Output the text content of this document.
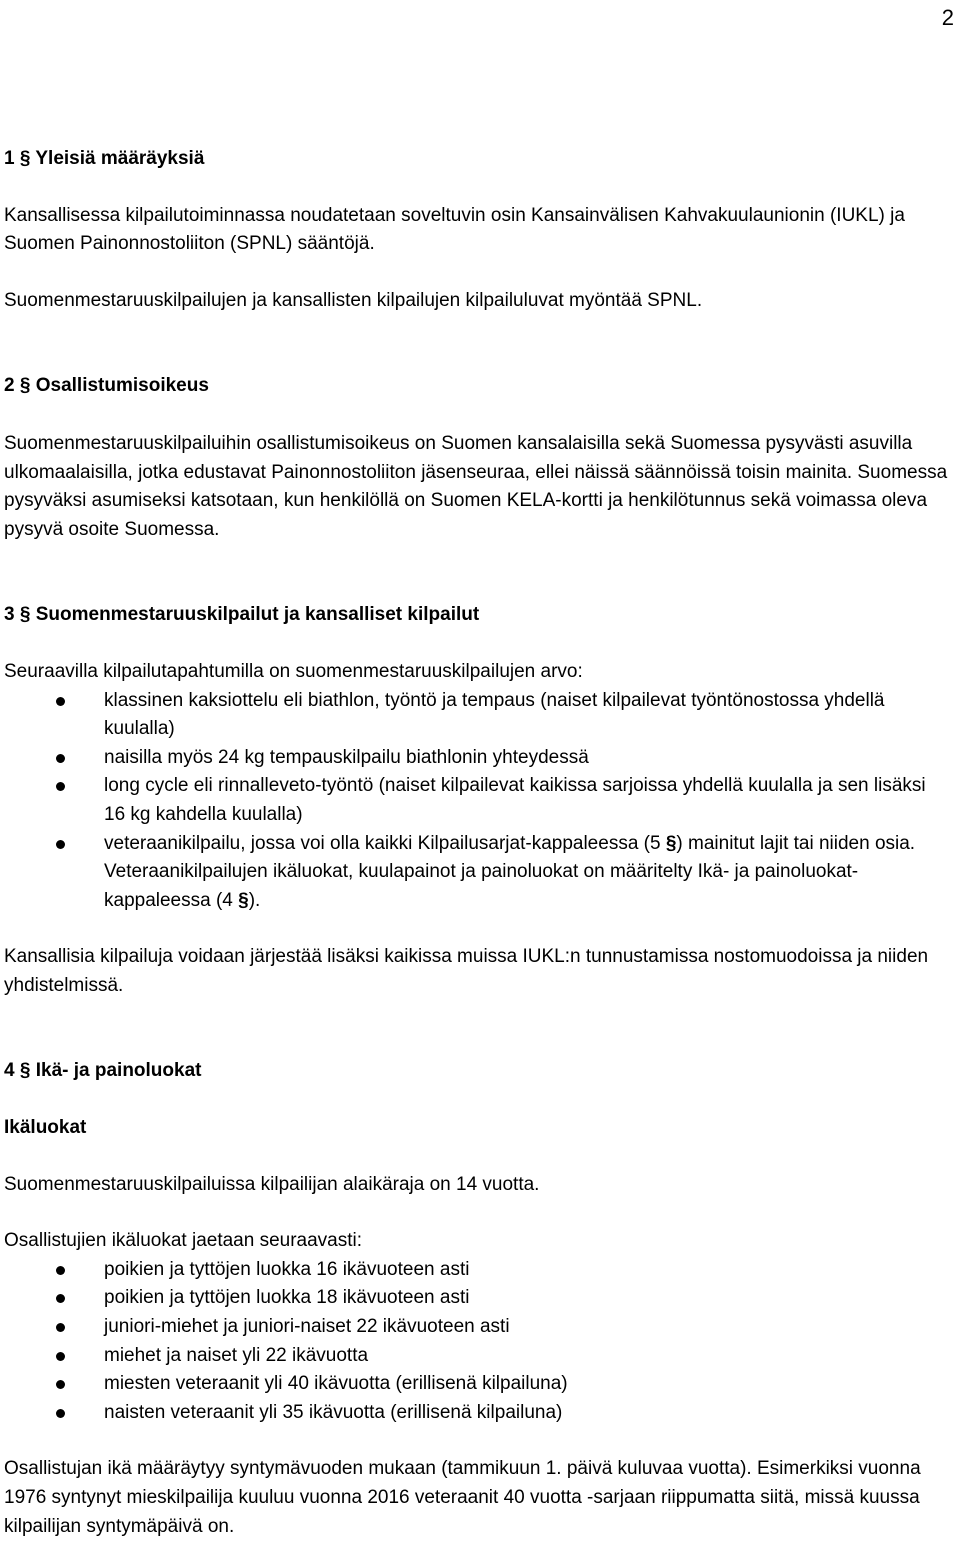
2

1 § Yleisiä määräyksiä

Kansallisessa kilpailutoiminnassa noudatetaan soveltuvin osin Kansainvälisen Kahvakuulaunionin (IUKL) ja Suomen Painonnostoliiton (SPNL) sääntöjä.

Suomenmestaruuskilpailujen ja kansallisten kilpailujen kilpailuluvat myöntää SPNL.

2 § Osallistumisoikeus

Suomenmestaruuskilpailuihin osallistumisoikeus on Suomen kansalaisilla sekä Suomessa pysyvästi asuvilla ulkomaalaisilla, jotka edustavat Painonnostoliiton jäsenseuraa, ellei näissä säännöissä toisin mainita. Suomessa pysyväksi asumiseksi katsotaan, kun henkilöllä on Suomen KELA-kortti ja henkilötunnus sekä voimassa oleva pysyvä osoite Suomessa.

3 § Suomenmestaruuskilpailut ja kansalliset kilpailut

Seuraavilla kilpailutapahtumilla on suomenmestaruuskilpailujen arvo:

klassinen kaksiottelu eli biathlon, työntö ja tempaus (naiset kilpailevat työntönostossa yhdellä kuulalla)
naisilla myös 24 kg tempauskilpailu biathlonin yhteydessä
long cycle eli rinnalleveto-työntö (naiset kilpailevat kaikissa sarjoissa yhdellä kuulalla ja sen lisäksi 16 kg kahdella kuulalla)
veteraanikilpailu, jossa voi olla kaikki Kilpailusarjat-kappaleessa (5 §) mainitut lajit tai niiden osia. Veteraanikilpailujen ikäluokat, kuulapainot ja painoluokat on määritelty Ikä- ja painoluokat-kappaleessa (4 §).

Kansallisia kilpailuja voidaan järjestää lisäksi kaikissa muissa IUKL:n tunnustamissa nostomuodoissa ja niiden yhdistelmissä.

4 § Ikä- ja painoluokat

Ikäluokat

Suomenmestaruuskilpailuissa kilpailijan alaikäraja on 14 vuotta.

Osallistujien ikäluokat jaetaan seuraavasti:

poikien ja tyttöjen luokka 16 ikävuoteen asti
poikien ja tyttöjen luokka 18 ikävuoteen asti
juniori-miehet ja juniori-naiset 22 ikävuoteen asti
miehet ja naiset yli 22 ikävuotta
miesten veteraanit yli 40 ikävuotta (erillisenä kilpailuna)
naisten veteraanit yli 35 ikävuotta (erillisenä kilpailuna)

Osallistujan ikä määräytyy syntymävuoden mukaan (tammikuun 1. päivä kuluvaa vuotta). Esimerkiksi vuonna 1976 syntynyt mieskilpailija kuuluu vuonna 2016 veteraanit 40 vuotta -sarjaan riippumatta siitä, missä kuussa kilpailijan syntymäpäivä on.
